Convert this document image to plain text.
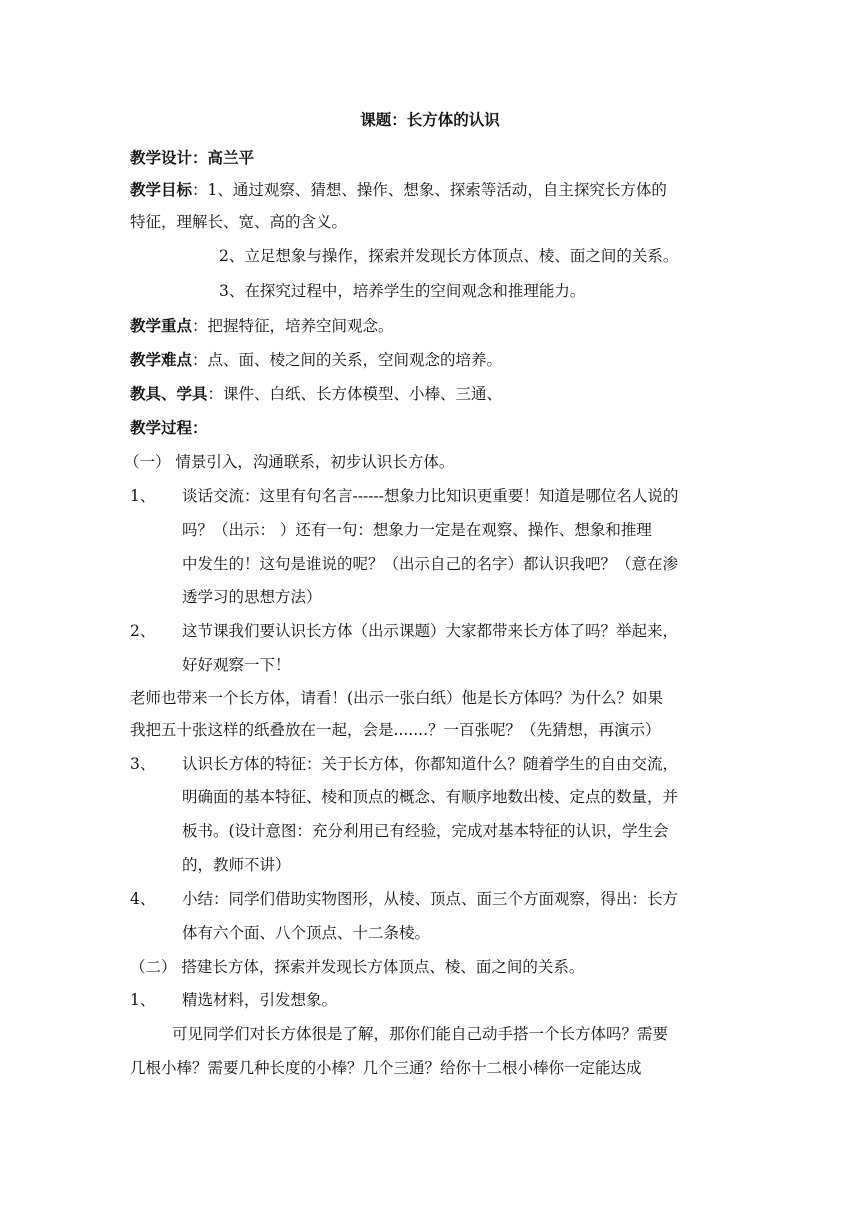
课题：长方体的认识
教学设计：高兰平
教学目标：1、通过观察、猜想、操作、想象、探索等活动，自主探究长方体的
特征，理解长、宽、高的含义。
2、立足想象与操作，探索并发现长方体顶点、棱、面之间的关系。
3、在探究过程中，培养学生的空间观念和推理能力。
教学重点：把握特征，培养空间观念。
教学难点：点、面、棱之间的关系，空间观念的培养。
教具、学具：课件、白纸、长方体模型、小棒、三通、
教学过程：
（一） 情景引入，沟通联系，初步认识长方体。
1、 谈话交流：这里有句名言------想象力比知识更重要！知道是哪位名人说的
吗？（出示： ）还有一句：想象力一定是在观察、操作、想象和推理
中发生的！这句是谁说的呢？（出示自己的名字）都认识我吧？（意在渗
透学习的思想方法）
2、 这节课我们要认识长方体（出示课题）大家都带来长方体了吗？举起来，
好好观察一下！
老师也带来一个长方体，请看！(出示一张白纸）他是长方体吗？为什么？如果
我把五十张这样的纸叠放在一起，会是.......？一百张呢？（先猜想，再演示）
3、 认识长方体的特征：关于长方体，你都知道什么？随着学生的自由交流，
明确面的基本特征、棱和顶点的概念、有顺序地数出棱、定点的数量，并
板书。(设计意图：充分利用已有经验，完成对基本特征的认识，学生会
的，教师不讲）
4、 小结：同学们借助实物图形，从棱、顶点、面三个方面观察，得出：长方
体有六个面、八个顶点、十二条棱。
（二） 搭建长方体，探索并发现长方体顶点、棱、面之间的关系。
1、 精选材料，引发想象。
可见同学们对长方体很是了解，那你们能自己动手搭一个长方体吗？需要
几根小棒？需要几种长度的小棒？几个三通？给你十二根小棒你一定能达成
